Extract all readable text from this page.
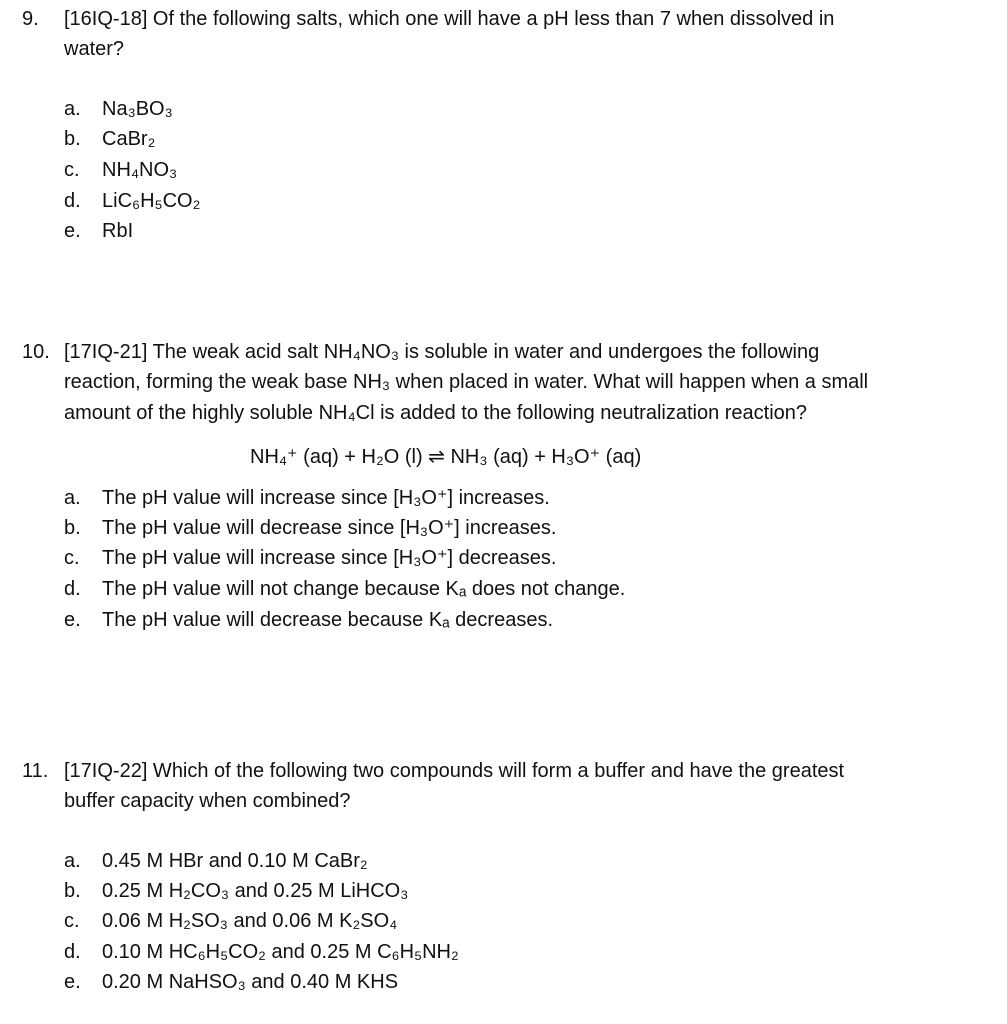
9. [16IQ-18] Of the following salts, which one will have a pH less than 7 when dissolved in
water?
a. Na₃BO₃
b. CaBr₂
c. NH₄NO₃
d. LiC₆H₅CO₂
e. RbI
10. [17IQ-21] The weak acid salt NH₄NO₃ is soluble in water and undergoes the following
reaction, forming the weak base NH₃ when placed in water. What will happen when a small
amount of the highly soluble NH₄Cl is added to the following neutralization reaction?
NH₄⁺ (aq) + H₂O (l) ⇌ NH₃ (aq) + H₃O⁺ (aq)
a. The pH value will increase since [H₃O⁺] increases.
b. The pH value will decrease since [H₃O⁺] increases.
c. The pH value will increase since [H₃O⁺] decreases.
d. The pH value will not change because Kₐ does not change.
e. The pH value will decrease because Kₐ decreases.
11. [17IQ-22] Which of the following two compounds will form a buffer and have the greatest
buffer capacity when combined?
a. 0.45 M HBr and 0.10 M CaBr₂
b. 0.25 M H₂CO₃ and 0.25 M LiHCO₃
c. 0.06 M H₂SO₃ and 0.06 M K₂SO₄
d. 0.10 M HC₆H₅CO₂ and 0.25 M C₆H₅NH₂
e. 0.20 M NaHSO₃ and 0.40 M KHS
